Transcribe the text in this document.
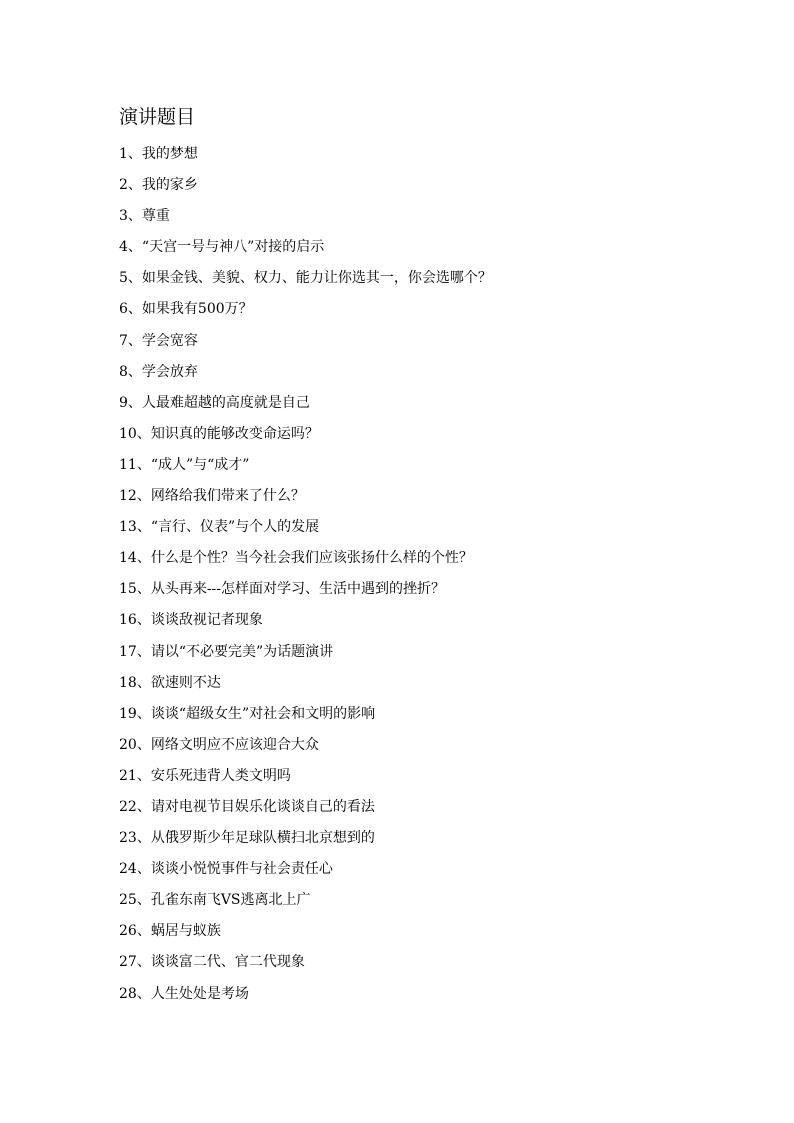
演讲题目
1、我的梦想
2、我的家乡
3、尊重
4、“天宫一号与神八”对接的启示
5、如果金钱、美貌、权力、能力让你选其一，你会选哪个？
6、如果我有500万？
7、学会宽容
8、学会放弃
9、人最难超越的高度就是自己
10、知识真的能够改变命运吗？
11、“成人”与“成才”
12、网络给我们带来了什么？
13、“言行、仪表”与个人的发展
14、什么是个性？当今社会我们应该张扬什么样的个性？
15、从头再来---怎样面对学习、生活中遇到的挫折？
16、谈谈敌视记者现象
17、请以“不必要完美”为话题演讲
18、欲速则不达
19、谈谈“超级女生”对社会和文明的影响
20、网络文明应不应该迎合大众
21、安乐死违背人类文明吗
22、请对电视节目娱乐化谈谈自己的看法
23、从俄罗斯少年足球队横扫北京想到的
24、谈谈小悦悦事件与社会责任心
25、孔雀东南飞VS逃离北上广
26、蜗居与蚁族
27、谈谈富二代、官二代现象
28、人生处处是考场
